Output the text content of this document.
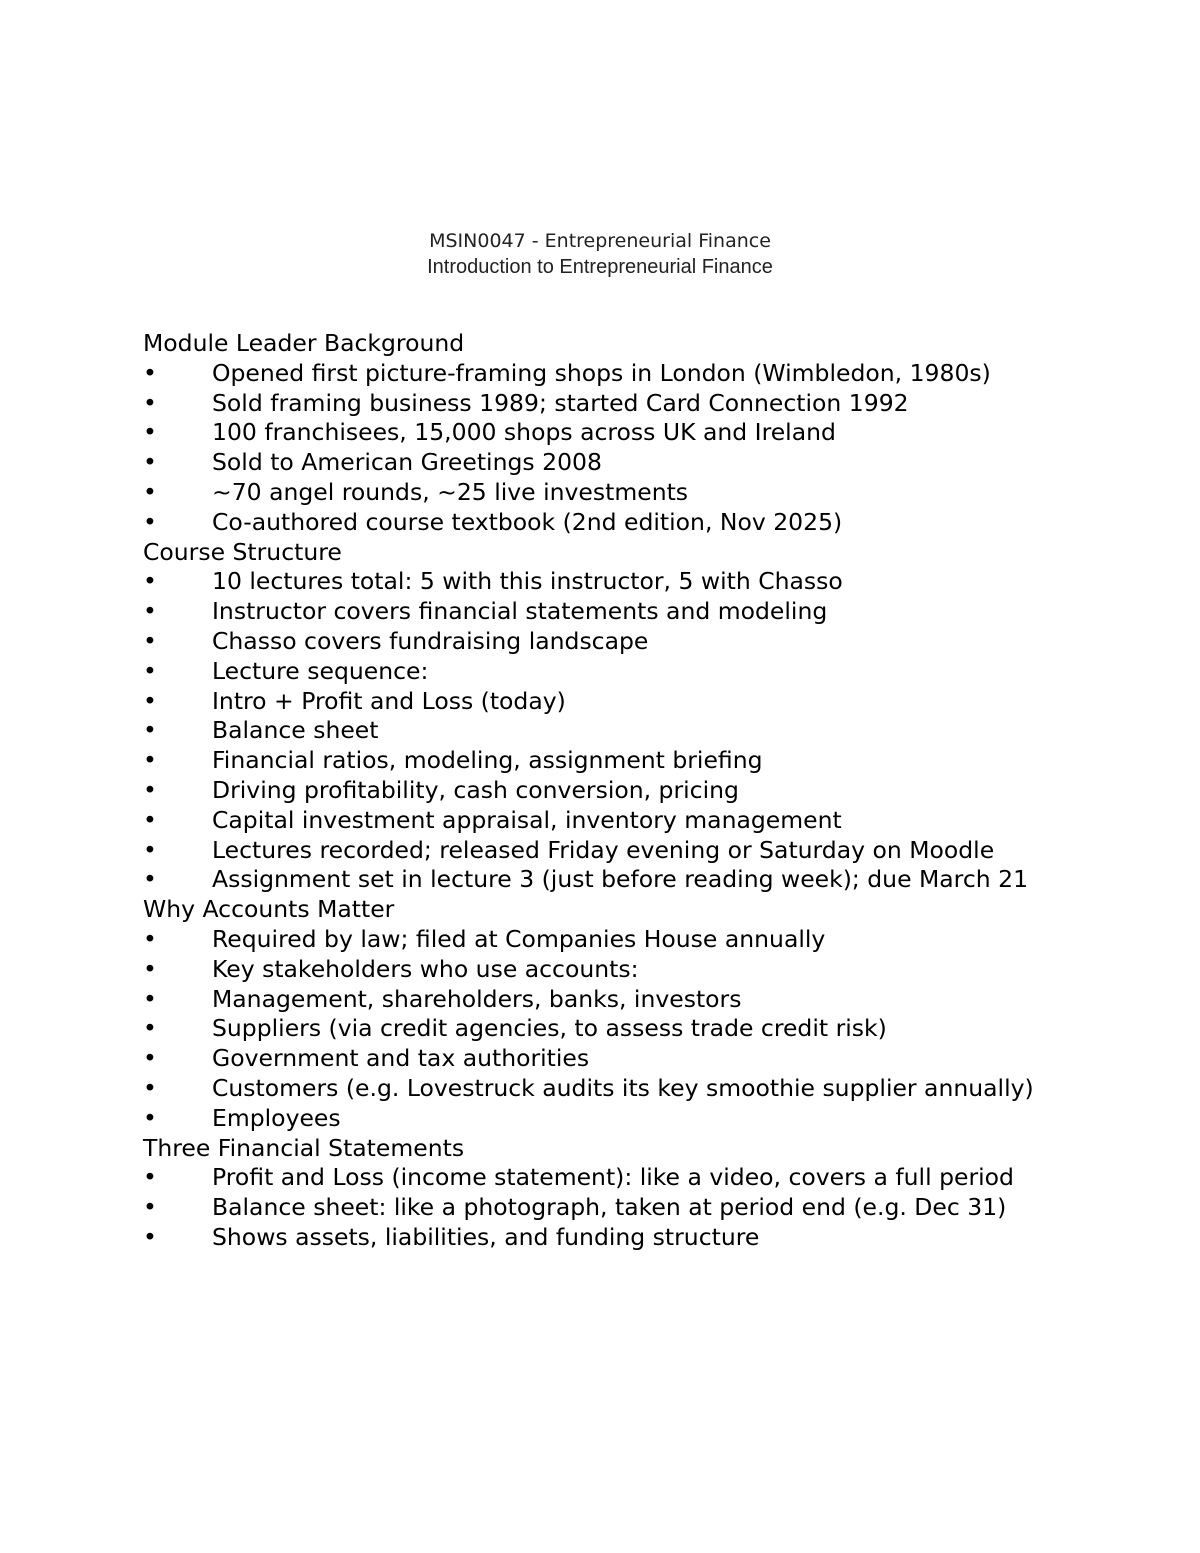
MSIN0047 - Entrepreneurial Finance
Introduction to Entrepreneurial Finance
Module Leader Background
• Opened first picture-framing shops in London (Wimbledon, 1980s)
• Sold framing business 1989; started Card Connection 1992
• 100 franchisees, 15,000 shops across UK and Ireland
• Sold to American Greetings 2008
• ~70 angel rounds, ~25 live investments
• Co-authored course textbook (2nd edition, Nov 2025)
Course Structure
• 10 lectures total: 5 with this instructor, 5 with Chasso
• Instructor covers financial statements and modeling
• Chasso covers fundraising landscape
• Lecture sequence:
• Intro + Profit and Loss (today)
• Balance sheet
• Financial ratios, modeling, assignment briefing
• Driving profitability, cash conversion, pricing
• Capital investment appraisal, inventory management
• Lectures recorded; released Friday evening or Saturday on Moodle
• Assignment set in lecture 3 (just before reading week); due March 21
Why Accounts Matter
• Required by law; filed at Companies House annually
• Key stakeholders who use accounts:
• Management, shareholders, banks, investors
• Suppliers (via credit agencies, to assess trade credit risk)
• Government and tax authorities
• Customers (e.g. Lovestruck audits its key smoothie supplier annually)
• Employees
Three Financial Statements
• Profit and Loss (income statement): like a video, covers a full period
• Balance sheet: like a photograph, taken at period end (e.g. Dec 31)
• Shows assets, liabilities, and funding structure
